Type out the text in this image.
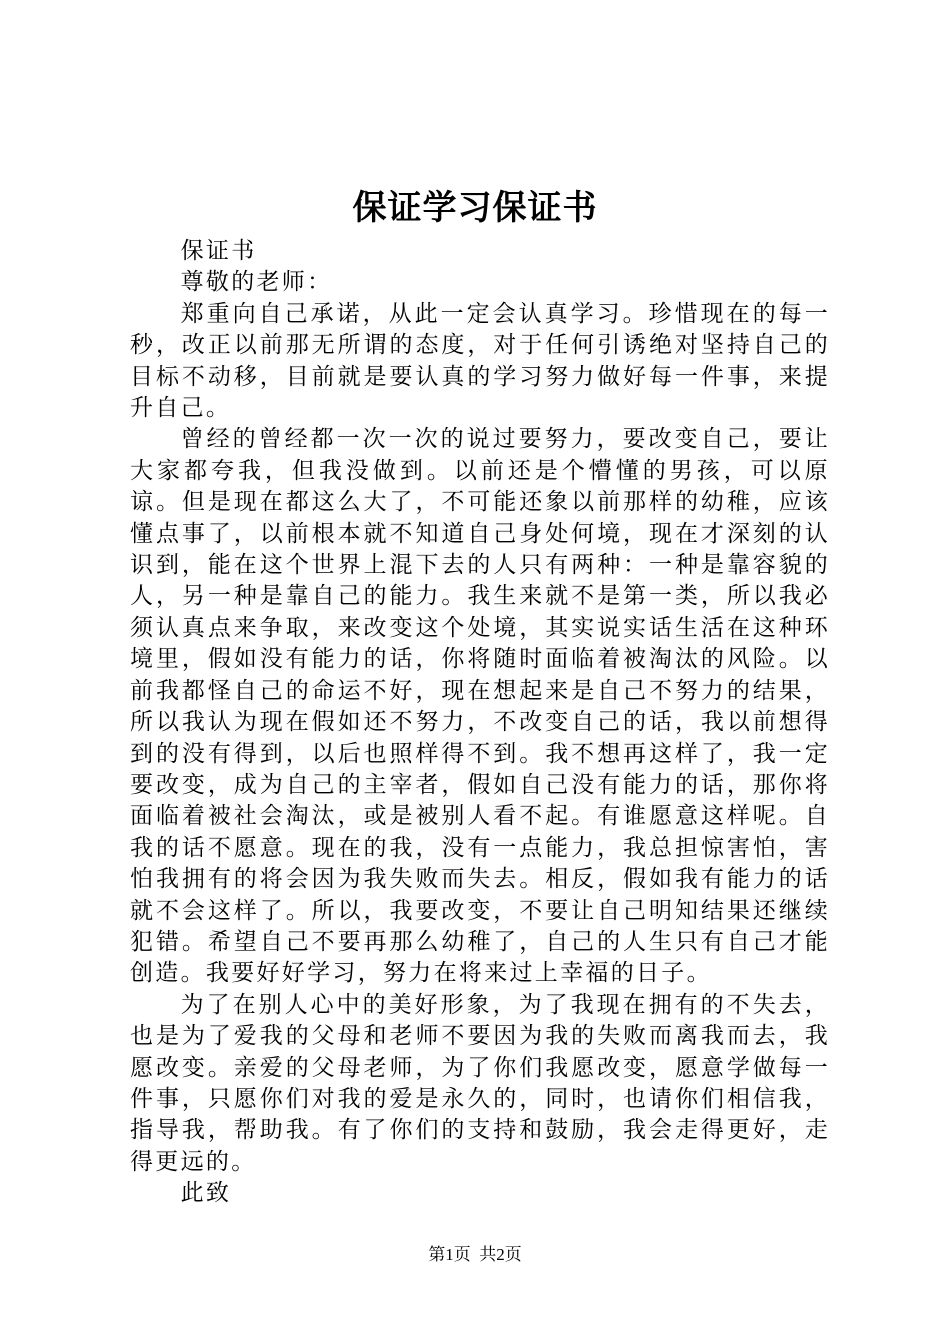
保证学习保证书

保证书

尊敬的老师：

郑重向自己承诺，从此一定会认真学习。珍惜现在的每一秒，改正以前那无所谓的态度，对于任何引诱绝对坚持自己的目标不动移，目前就是要认真的学习努力做好每一件事，来提升自己。

曾经的曾经都一次一次的说过要努力，要改变自己，要让大家都夸我，但我没做到。以前还是个懵懂的男孩，可以原谅。但是现在都这么大了，不可能还象以前那样的幼稚，应该懂点事了，以前根本就不知道自己身处何境，现在才深刻的认识到，能在这个世界上混下去的人只有两种：一种是靠容貌的人，另一种是靠自己的能力。我生来就不是第一类，所以我必须认真点来争取，来改变这个处境，其实说实话生活在这种环境里，假如没有能力的话，你将随时面临着被淘汰的风险。以前我都怪自己的命运不好，现在想起来是自己不努力的结果，所以我认为现在假如还不努力，不改变自己的话，我以前想得到的没有得到，以后也照样得不到。我不想再这样了，我一定要改变，成为自己的主宰者，假如自己没有能力的话，那你将面临着被社会淘汰，或是被别人看不起。有谁愿意这样呢。自我的话不愿意。现在的我，没有一点能力，我总担惊害怕，害怕我拥有的将会因为我失败而失去。相反，假如我有能力的话就不会这样了。所以，我要改变，不要让自己明知结果还继续犯错。希望自己不要再那么幼稚了，自己的人生只有自己才能创造。我要好好学习，努力在将来过上幸福的日子。

为了在别人心中的美好形象，为了我现在拥有的不失去，也是为了爱我的父母和老师不要因为我的失败而离我而去，我愿改变。亲爱的父母老师，为了你们我愿改变，愿意学做每一件事，只愿你们对我的爱是永久的，同时，也请你们相信我，指导我，帮助我。有了你们的支持和鼓励，我会走得更好，走得更远的。

此致

第1页  共2页
